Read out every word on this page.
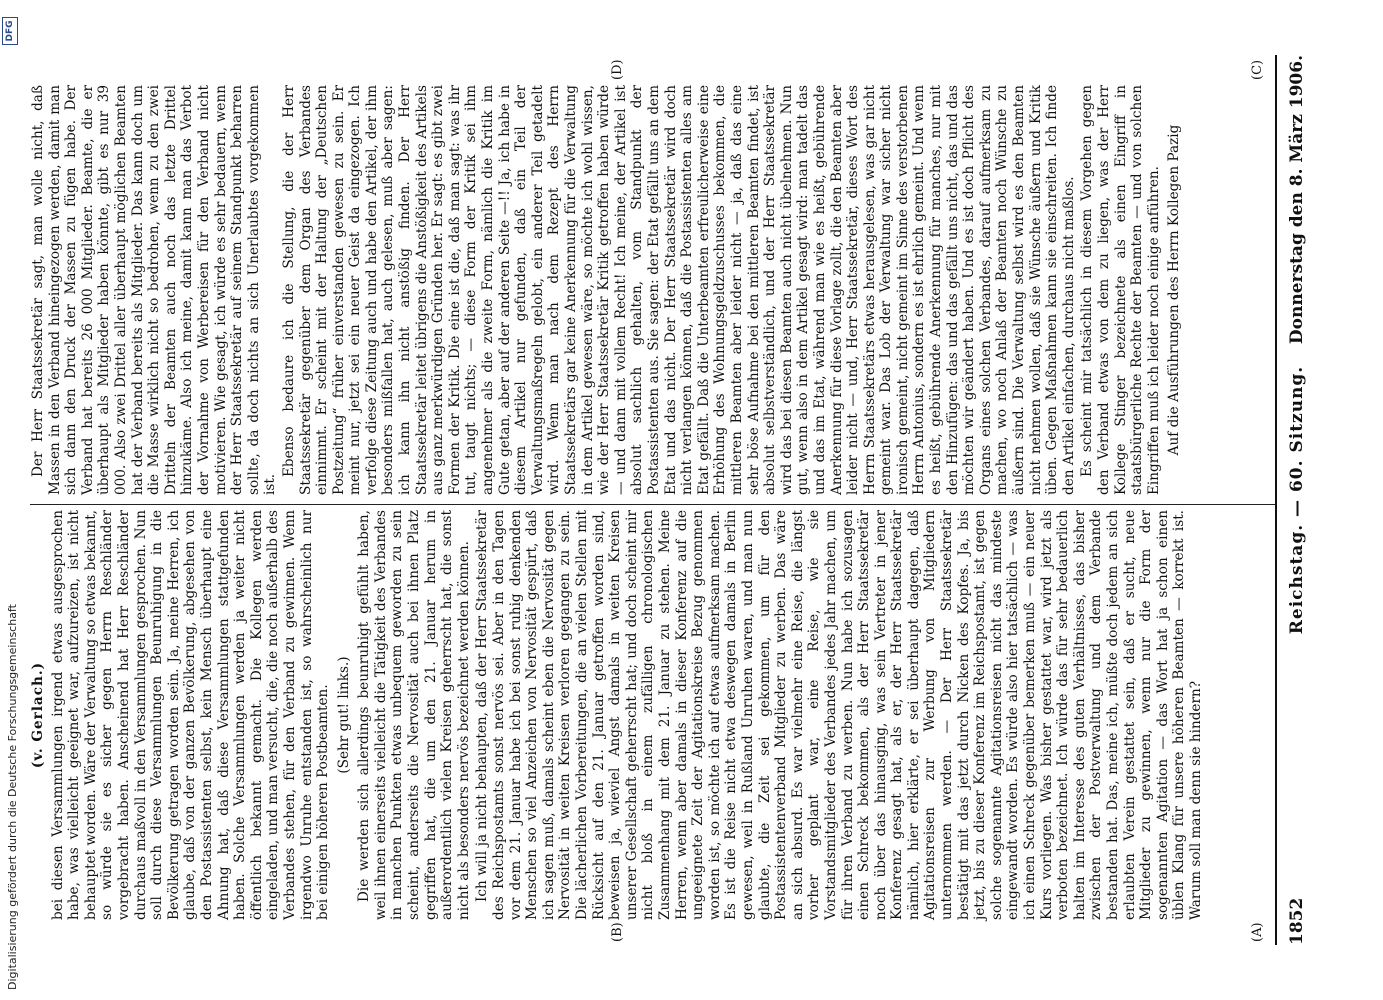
1852
Reichstag. — 60. Sitzung.
Donnerstag den 8. März 1906.
(A)
(B)
(C)
(D)

(v. Gerlach.) bei diesen Versammlungen irgend etwas ausgesprochen habe, was vielleicht geeignet war, aufzureizen, ist nicht behauptet worden. Wäre der Verwaltung so etwas bekannt, so würde sie es sicher gegen Herrn Reschländer vorgebracht haben. Anscheinend hat Herr Reschländer durchaus maßvoll in den Versammlungen gesprochen. Nun soll durch diese Versammlungen Beunruhigung in die Bevölkerung getragen worden sein. Ja, meine Herren, ich glaube, daß von der ganzen Bevölkerung, abgesehen von den Postassistenten selbst, kein Mensch überhaupt eine Ahnung hat, daß diese Versammlungen stattgefunden haben. Solche Versammlungen werden ja weiter nicht öffentlich bekannt gemacht. Die Kollegen werden eingeladen, und man versucht, die, die noch außerhalb des Verbandes stehen, für den Verband zu gewinnen. Wenn irgendwo Unruhe entstanden ist, so wahrscheinlich nur bei einigen höheren Postbeamten. (Sehr gut! links.) Die werden sich allerdings beunruhigt gefühlt haben, weil ihnen einerseits vielleicht die Tätigkeit des Verbandes in manchen Punkten etwas unbequem geworden zu sein scheint, anderseits die Nervosität auch bei ihnen Platz gegriffen hat, die um den 21. Januar herum in außerordentlich vielen Kreisen geherrscht hat, die sonst nicht als besonders nervös bezeichnet werden können. Ich will ja nicht behaupten, daß der Herr Staatssekretär des Reichspostamts sonst nervös sei. Aber in den Tagen vor dem 21. Januar habe ich bei sonst ruhig denkenden Menschen so viel Anzeichen von Nervosität gespürt, daß ich sagen muß, damals scheint eben die Nervosität gegen Nervosität in weiten Kreisen verloren gegangen zu sein. Die lächerlichen Vorbereitungen, die an vielen Stellen mit Rücksicht auf den 21. Januar getroffen worden sind, beweisen ja, wieviel Angst damals in weiten Kreisen unserer Gesellschaft geherrscht hat; und doch scheint mir nicht bloß in einem zufälligen chronologischen Zusammenhang mit dem 21. Januar zu stehen. Meine Herren, wenn aber damals in dieser Konferenz auf die ungeeignete Zeit der Agitationskreise Bezug genommen worden ist, so möchte ich auf etwas aufmerksam machen. Es ist die Reise nicht etwa deswegen damals in Berlin gewesen, weil in Rußland Unruhen waren, und man nun glaubte, die Zeit sei gekommen, um für den Postassistentenverband Mitglieder zu werben. Das wäre an sich absurd. Es war vielmehr eine Reise, die längst vorher geplant war, eine Reise, wie sie Vorstandsmitglieder des Verbandes jedes Jahr machen, um für ihren Verband zu werben. Nun habe ich sozusagen einen Schreck bekommen, als der Herr Staatssekretär noch über das hinausging, was sein Vertreter in jener Konferenz gesagt hat, als er, der Herr Staatssekretär nämlich, hier erklärte, er sei überhaupt dagegen, daß Agitationsreisen zur Werbung von Mitgliedern unternommen werden. — Der Herr Staatssekretär bestätigt mit das jetzt durch Nicken des Kopfes. Ja, bis jetzt, bis zu dieser Konferenz im Reichspostamt, ist gegen solche sogenannte Agitationsreisen nicht das mindeste eingewandt worden. Es würde also hier tatsächlich — was ich einen Schreck gegenüber bemerken muß — ein neuer Kurs vorliegen. Was bisher gestattet war, wird jetzt als verboten bezeichnet. Ich würde das für sehr bedauerlich halten im Interesse des guten Verhältnisses, das bisher zwischen der Postverwaltung und dem Verbande bestanden hat. Das, meine ich, müßte doch jedem an sich erlaubten Verein gestattet sein, daß er sucht, neue Mitglieder zu gewinnen, wenn nur die Form der sogenannten Agitation — das Wort hat ja schon einen üblen Klang für unsere höheren Beamten — korrekt ist. Warum soll man denn sie hindern?

Der Herr Staatssekretär sagt, man wolle nicht, daß Massen in den Verband hineingezogen werden, damit man sich dann den Druck der Massen zu fügen habe. Der Verband hat bereits 26 000 Mitglieder. Beamte, die er überhaupt als Mitglieder haben könnte, gibt es nur 39 000. Also zwei Drittel aller überhaupt möglichen Beamten hat der Verband bereits als Mitglieder. Das kann doch um die Masse wirklich nicht so bedrohen, wenn zu den zwei Dritteln der Beamten auch noch das letzte Drittel hinzukäme. Also ich meine, damit kann man das Verbot der Vornahme von Werbereisen für den Verband nicht motivieren. Wie gesagt, ich würde es sehr bedauern, wenn der Herr Staatssekretär auf seinem Standpunkt beharren sollte, da doch nichts an sich Unerlaubtes vorgekommen ist.

Ebenso bedaure ich die Stellung, die der Herr Staatssekretär gegenüber dem Organ des Verbandes einnimmt. Er scheint mit der Haltung der „Deutschen Postzeitung“ früher einverstanden gewesen zu sein. Er meint nur, jetzt sei ein neuer Geist da eingezogen. Ich verfolge diese Zeitung auch und habe den Artikel, der ihm besonders mißfallen hat, auch gelesen, muß aber sagen: ich kann ihn nicht anstößig finden. Der Herr Staatssekretär leitet übrigens die Anstößigkeit des Artikels aus ganz merkwürdigen Gründen her. Er sagt: es gibt zwei Formen der Kritik. Die eine ist die, daß man sagt: was ihr tut, taugt nichts; — diese Form der Kritik sei ihm angenehmer als die zweite Form, nämlich die Kritik im Gute getan, aber auf der anderen Seite —!! Ja, ich habe in diesem Artikel nur gefunden, daß ein Teil der Verwaltungsmaßregeln gelobt, ein anderer Teil getadelt wird. Wenn man nach dem Rezept des Herrn Staatssekretärs gar keine Anerkennung für die Verwaltung in dem Artikel gewesen wäre, so möchte ich wohl wissen, wie der Herr Staatssekretär Kritik getroffen haben würde — und dann mit vollem Recht! Ich meine, der Artikel ist absolut sachlich gehalten, vom Standpunkt der Postassistenten aus. Sie sagen: der Etat gefällt uns an dem Etat und das nicht. Der Herr Staatssekretär wird doch nicht verlangen können, daß die Postassistenten alles am Etat gefällt. Daß die Unterbeamten erfreulicherweise eine Erhöhung des Wohnungsgeldzuschusses bekommen, die mittleren Beamten aber leider nicht — ja, daß das eine sehr böse Aufnahme bei den mittleren Beamten findet, ist absolut selbstverständlich, und der Herr Staatssekretär wird das bei diesen Beamten auch nicht übelnehmen. Nun gut, wenn also in dem Artikel gesagt wird: man tadelt das und das im Etat, während man wie es heißt, gebührende Anerkennung für diese Vorlage zollt, die den Beamten aber leider nicht — und, Herr Staatssekretär, dieses Wort des Herrn Staatssekretärs etwas herausgelesen, was gar nicht gemeint war. Das Lob der Verwaltung war sicher nicht ironisch gemeint, nicht gemeint im Sinne des verstorbenen Herrn Antonius, sondern es ist ehrlich gemeint. Und wenn es heißt, gebührende Anerkennung für manches, nur mit den Hinzufügen: das und das gefällt uns nicht, das und das möchten wir geändert haben. Und es ist doch Pflicht des Organs eines solchen Verbandes, darauf aufmerksam zu machen, wo noch Anlaß der Beamten noch Wünsche zu äußern sind. Die Verwaltung selbst wird es den Beamten nicht nehmen wollen, daß sie Wünsche äußern und Kritik üben. Gegen Maßnahmen kann sie einschreiten. Ich finde den Artikel einfachen, durchaus nicht maßlos. Es scheint mir tatsächlich in diesem Vorgehen gegen den Verband etwas von dem zu liegen, was der Herr Kollege Stinger bezeichnete als einen Eingriff in staatsbürgerliche Rechte der Beamten — und von solchen Eingriffen muß ich leider noch einige anführen. Auf die Ausführungen des Herrn Kollegen Pazig

Digitalisierung gefördert durch die Deutsche Forschungsgemeinschaft
DFG
